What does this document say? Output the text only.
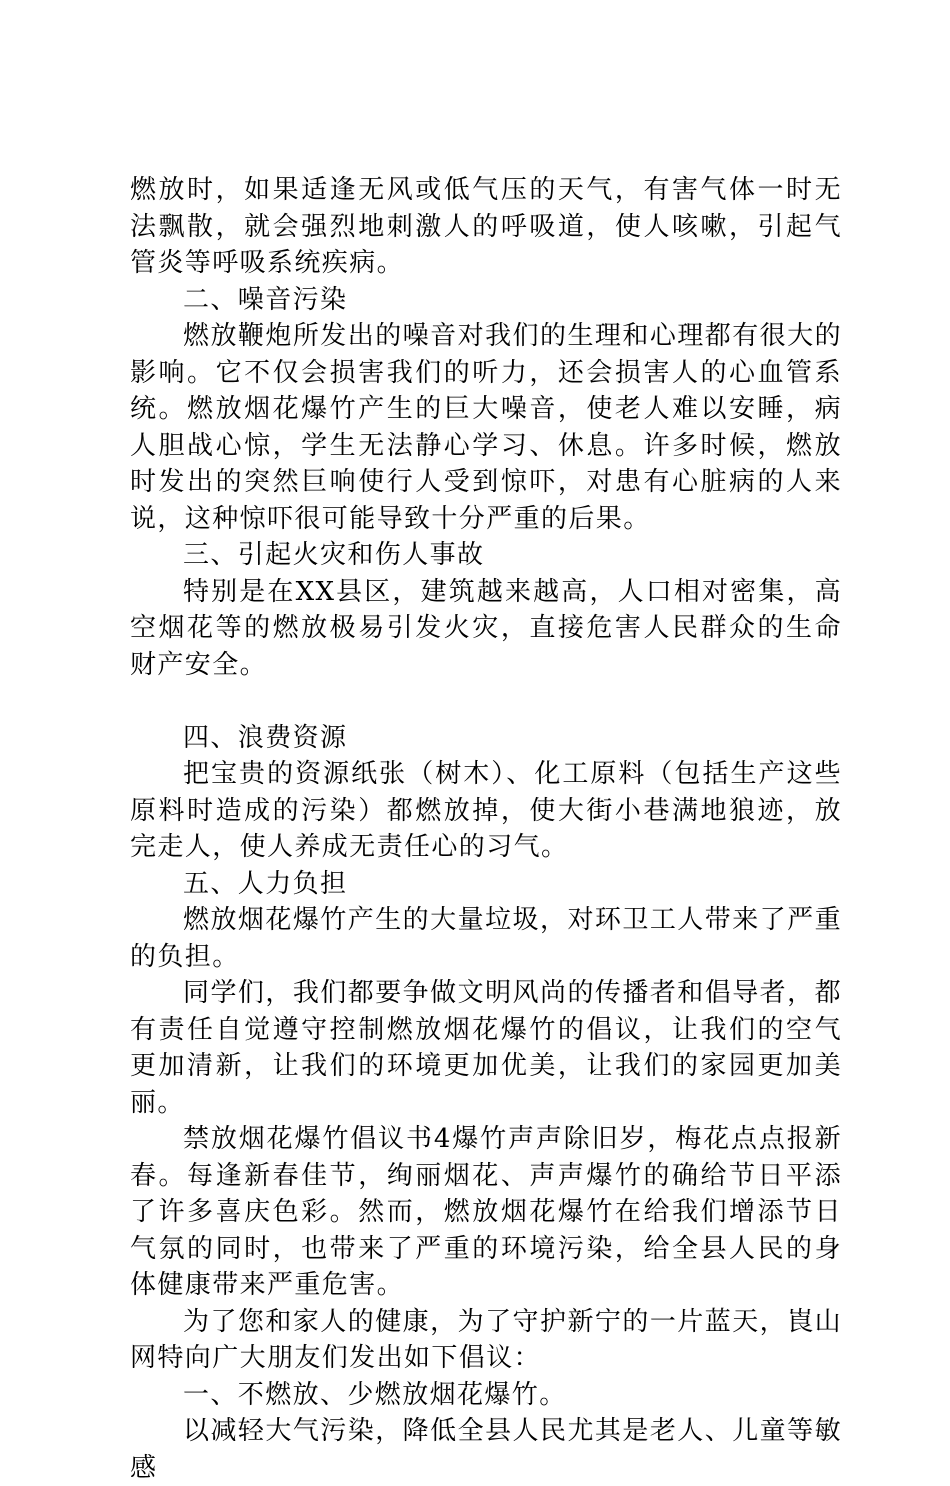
燃放时，如果适逢无风或低气压的天气，有害气体一时无法飘散，就会强烈地刺激人的呼吸道，使人咳嗽，引起气管炎等呼吸系统疾病。

二、噪音污染

燃放鞭炮所发出的噪音对我们的生理和心理都有很大的影响。它不仅会损害我们的听力，还会损害人的心血管系统。燃放烟花爆竹产生的巨大噪音，使老人难以安睡，病人胆战心惊，学生无法静心学习、休息。许多时候，燃放时发出的突然巨响使行人受到惊吓，对患有心脏病的人来说，这种惊吓很可能导致十分严重的后果。

三、引起火灾和伤人事故

特别是在XX县区，建筑越来越高，人口相对密集，高空烟花等的燃放极易引发火灾，直接危害人民群众的生命财产安全。

四、浪费资源

把宝贵的资源纸张（树木）、化工原料（包括生产这些原料时造成的污染）都燃放掉，使大街小巷满地狼迹，放完走人，使人养成无责任心的习气。

五、人力负担

燃放烟花爆竹产生的大量垃圾，对环卫工人带来了严重的负担。

同学们，我们都要争做文明风尚的传播者和倡导者，都有责任自觉遵守控制燃放烟花爆竹的倡议，让我们的空气更加清新，让我们的环境更加优美，让我们的家园更加美丽。

禁放烟花爆竹倡议书4爆竹声声除旧岁，梅花点点报新春。每逢新春佳节，绚丽烟花、声声爆竹的确给节日平添了许多喜庆色彩。然而，燃放烟花爆竹在给我们增添节日气氛的同时，也带来了严重的环境污染，给全县人民的身体健康带来严重危害。

为了您和家人的健康，为了守护新宁的一片蓝天，崀山网特向广大朋友们发出如下倡议：

一、不燃放、少燃放烟花爆竹。

以减轻大气污染，降低全县人民尤其是老人、儿童等敏感
